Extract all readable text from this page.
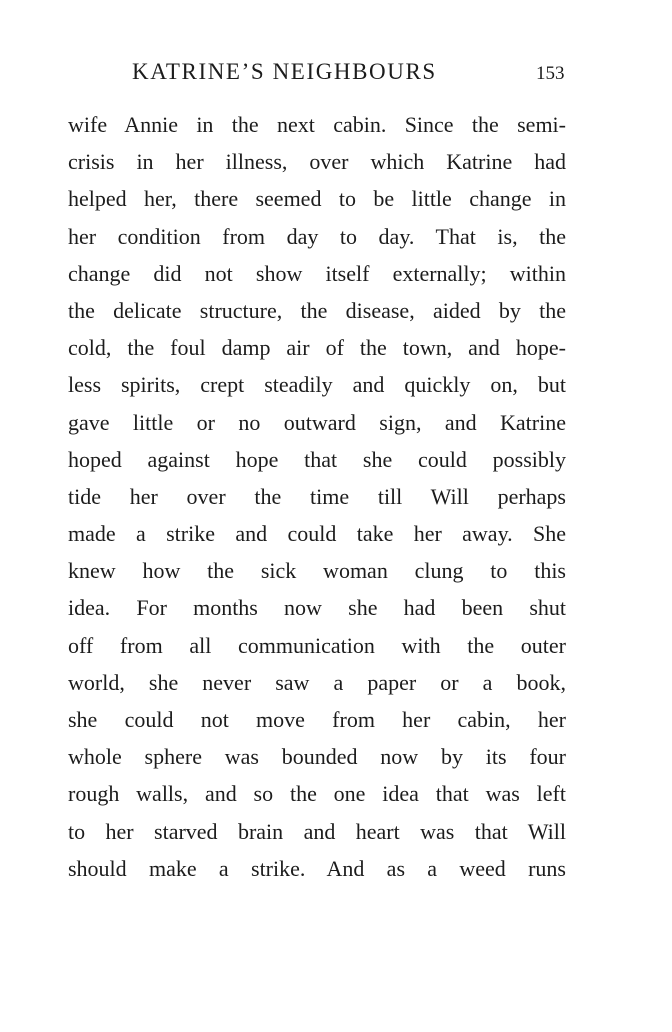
KATRINE’S NEIGHBOURS	153
wife Annie in the next cabin. Since the semi-
crisis in her illness, over which Katrine had
helped her, there seemed to be little change in
her condition from day to day. That is, the
change did not show itself externally; within
the delicate structure, the disease, aided by the
cold, the foul damp air of the town, and hope-
less spirits, crept steadily and quickly on, but
gave little or no outward sign, and Katrine
hoped against hope that she could possibly
tide her over the time till Will perhaps
made a strike and could take her away. She
knew how the sick woman clung to this
idea. For months now she had been shut
off from all communication with the outer
world, she never saw a paper or a book,
she could not move from her cabin, her
whole sphere was bounded now by its four
rough walls, and so the one idea that was left
to her starved brain and heart was that Will
should make a strike. And as a weed runs
